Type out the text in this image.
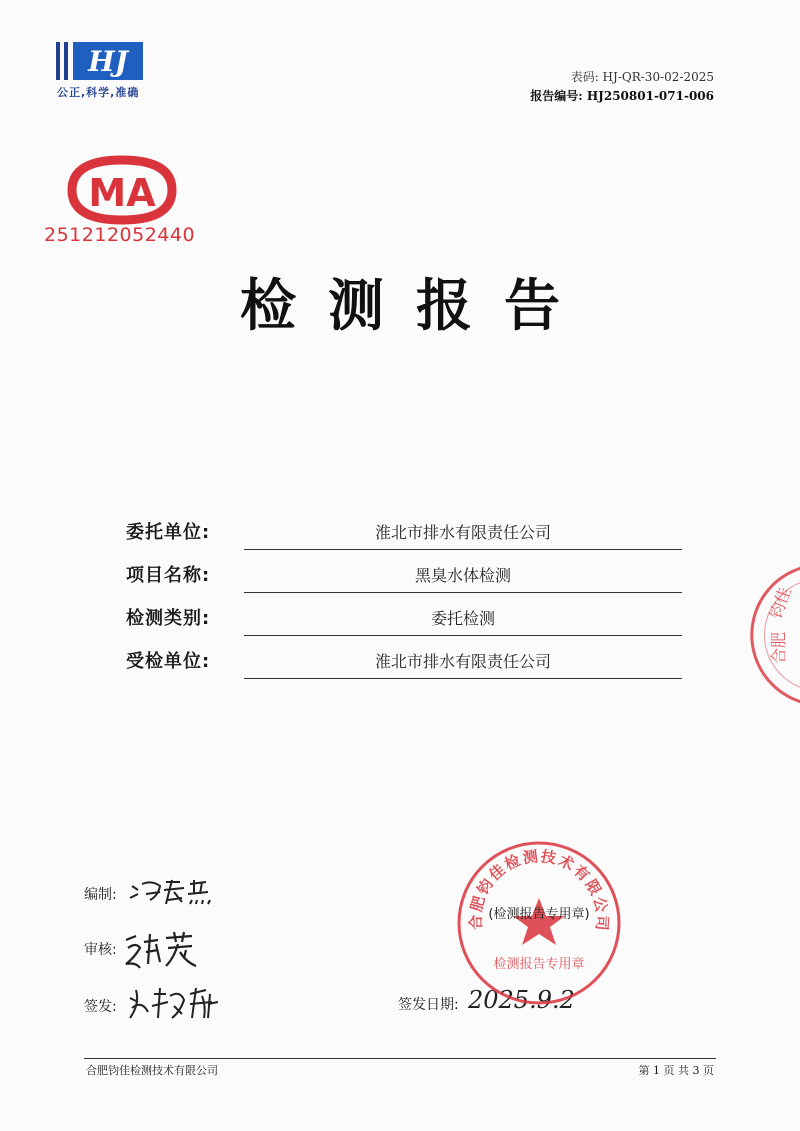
HJ
公正,科学,准确
表码: HJ-QR-30-02-2025
报告编号: HJ250801-071-006
MA
251212052440
检测报告
委托单位:	淮北市排水有限责任公司
项目名称:	黑臭水体检测
检测类别:	委托检测
受检单位:	淮北市排水有限责任公司
编制:
审核:
签发:	签发日期: 2025.9.2
合肥钧佳检测技术有限公司
(检测报告专用章)
检测报告专用章
钧佳
合肥
合肥钧佳检测技术有限公司	第 1 页 共 3 页
